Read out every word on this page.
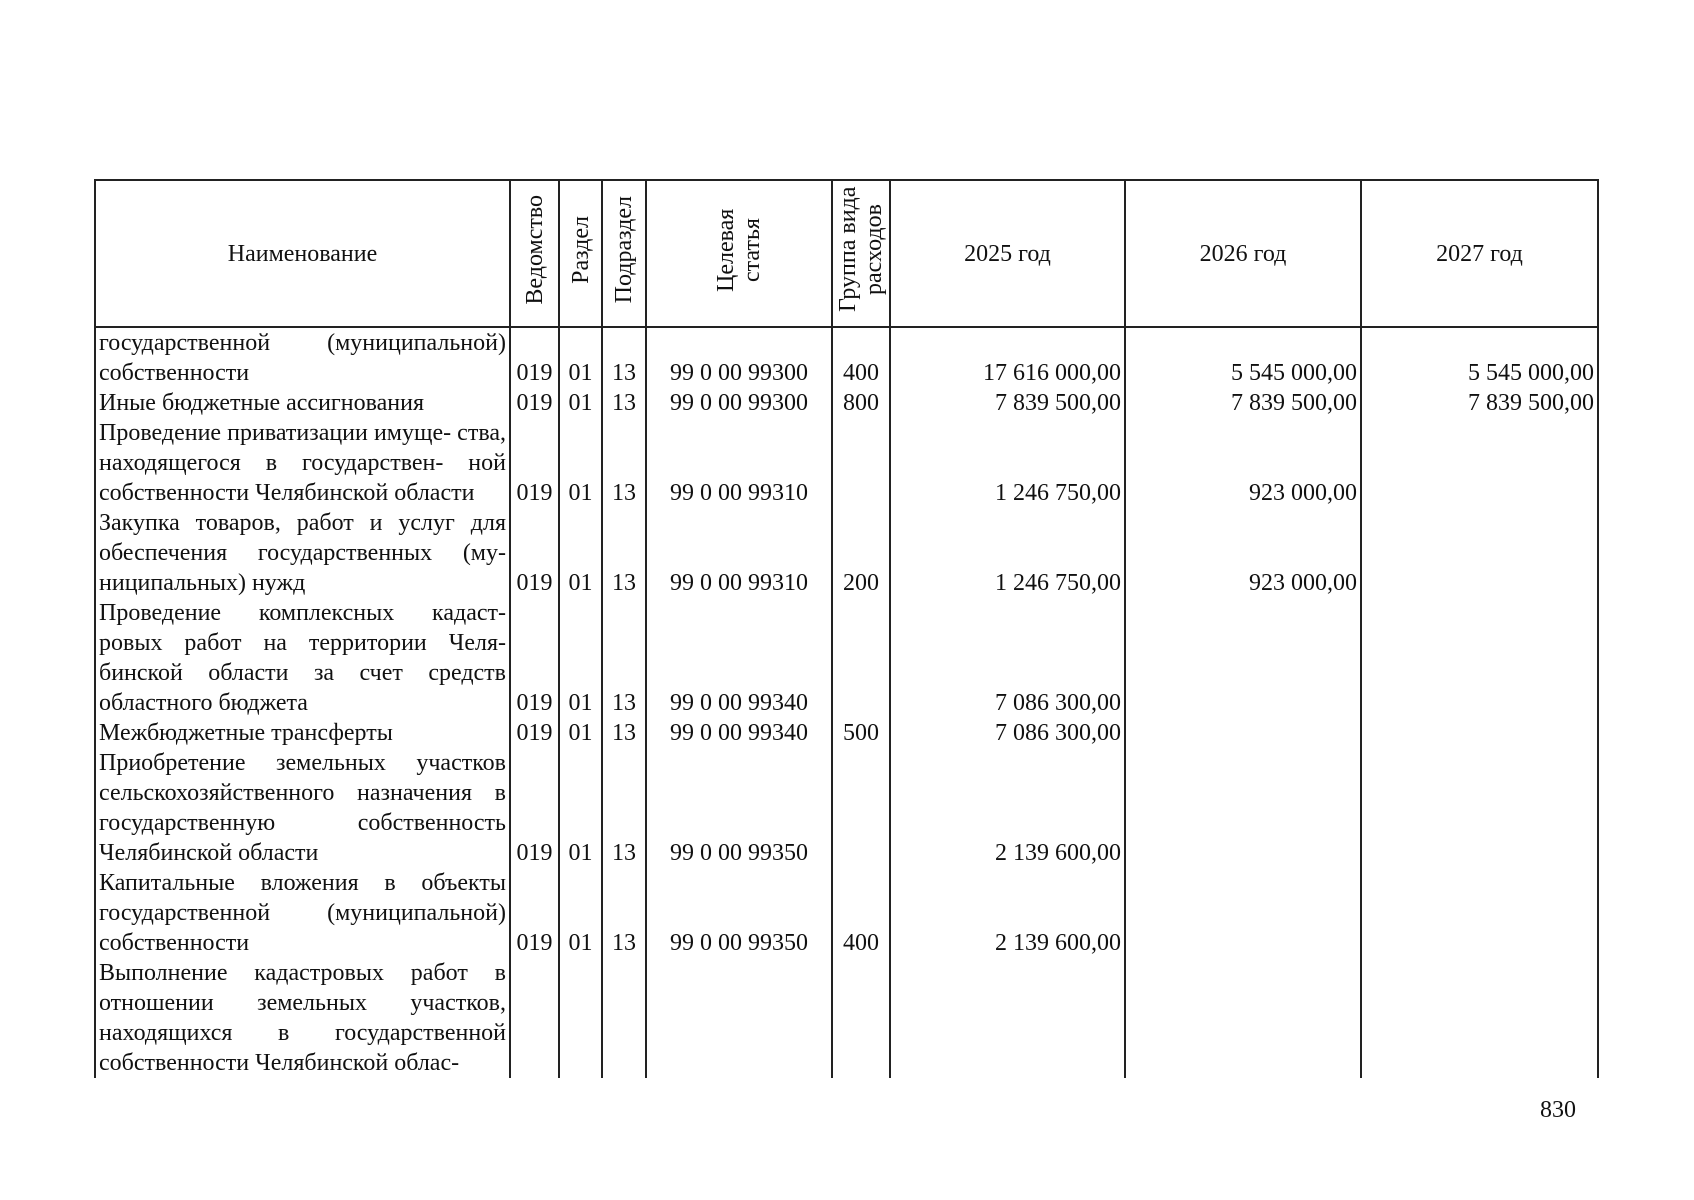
Наименование	Ведомство	Раздел	Подраздел	Целевая статья	Группа вида расходов	2025 год	2026 год	2027 год
государственной (муниципальной) собственности	019	01	13	99 0 00 99300	400	17 616 000,00	5 545 000,00	5 545 000,00
Иные бюджетные ассигнования	019	01	13	99 0 00 99300	800	7 839 500,00	7 839 500,00	7 839 500,00
Проведение приватизации имуще- ства, находящегося в государствен- ной собственности Челябинской области	019	01	13	99 0 00 99310		1 246 750,00	923 000,00	
Закупка товаров, работ и услуг для обеспечения государственных (му- ниципальных) нужд	019	01	13	99 0 00 99310	200	1 246 750,00	923 000,00	
Проведение комплексных кадаст- ровых работ на территории Челя- бинской области за счет средств областного бюджета	019	01	13	99 0 00 99340		7 086 300,00		
Межбюджетные трансферты	019	01	13	99 0 00 99340	500	7 086 300,00		
Приобретение земельных участков сельскохозяйственного назначения в государственную собственность Челябинской области	019	01	13	99 0 00 99350		2 139 600,00		
Капитальные вложения в объекты государственной (муниципальной) собственности	019	01	13	99 0 00 99350	400	2 139 600,00		
Выполнение кадастровых работ в отношении земельных участков, находящихся в государственной собственности Челябинской облас-								
830
